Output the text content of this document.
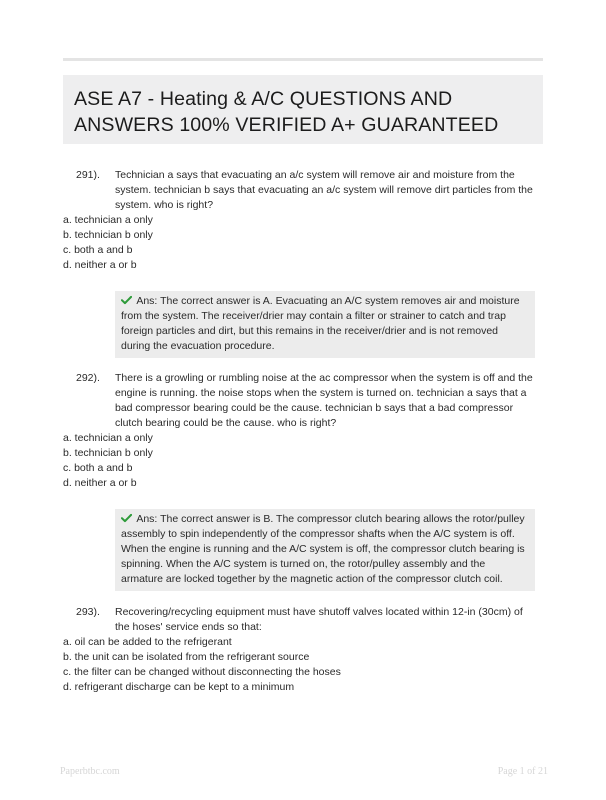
ASE A7 - Heating & A/C QUESTIONS AND ANSWERS 100% VERIFIED A+ GUARANTEED
291). Technician a says that evacuating an a/c system will remove air and moisture from the system. technician b says that evacuating an a/c system will remove dirt particles from the system. who is right?
a. technician a only
b. technician b only
c. both a and b
d. neither a or b
Ans: The correct answer is A. Evacuating an A/C system removes air and moisture from the system. The receiver/drier may contain a filter or strainer to catch and trap foreign particles and dirt, but this remains in the receiver/drier and is not removed during the evacuation procedure.
292). There is a growling or rumbling noise at the ac compressor when the system is off and the engine is running. the noise stops when the system is turned on. technician a says that a bad compressor bearing could be the cause. technician b says that a bad compressor clutch bearing could be the cause. who is right?
a. technician a only
b. technician b only
c. both a and b
d. neither a or b
Ans: The correct answer is B. The compressor clutch bearing allows the rotor/pulley assembly to spin independently of the compressor shafts when the A/C system is off. When the engine is running and the A/C system is off, the compressor clutch bearing is spinning. When the A/C system is turned on, the rotor/pulley assembly and the armature are locked together by the magnetic action of the compressor clutch coil.
293). Recovering/recycling equipment must have shutoff valves located within 12-in (30cm) of the hoses' service ends so that:
a. oil can be added to the refrigerant
b. the unit can be isolated from the refrigerant source
c. the filter can be changed without disconnecting the hoses
d. refrigerant discharge can be kept to a minimum
Paperbtbc.com	Page 1 of 21
